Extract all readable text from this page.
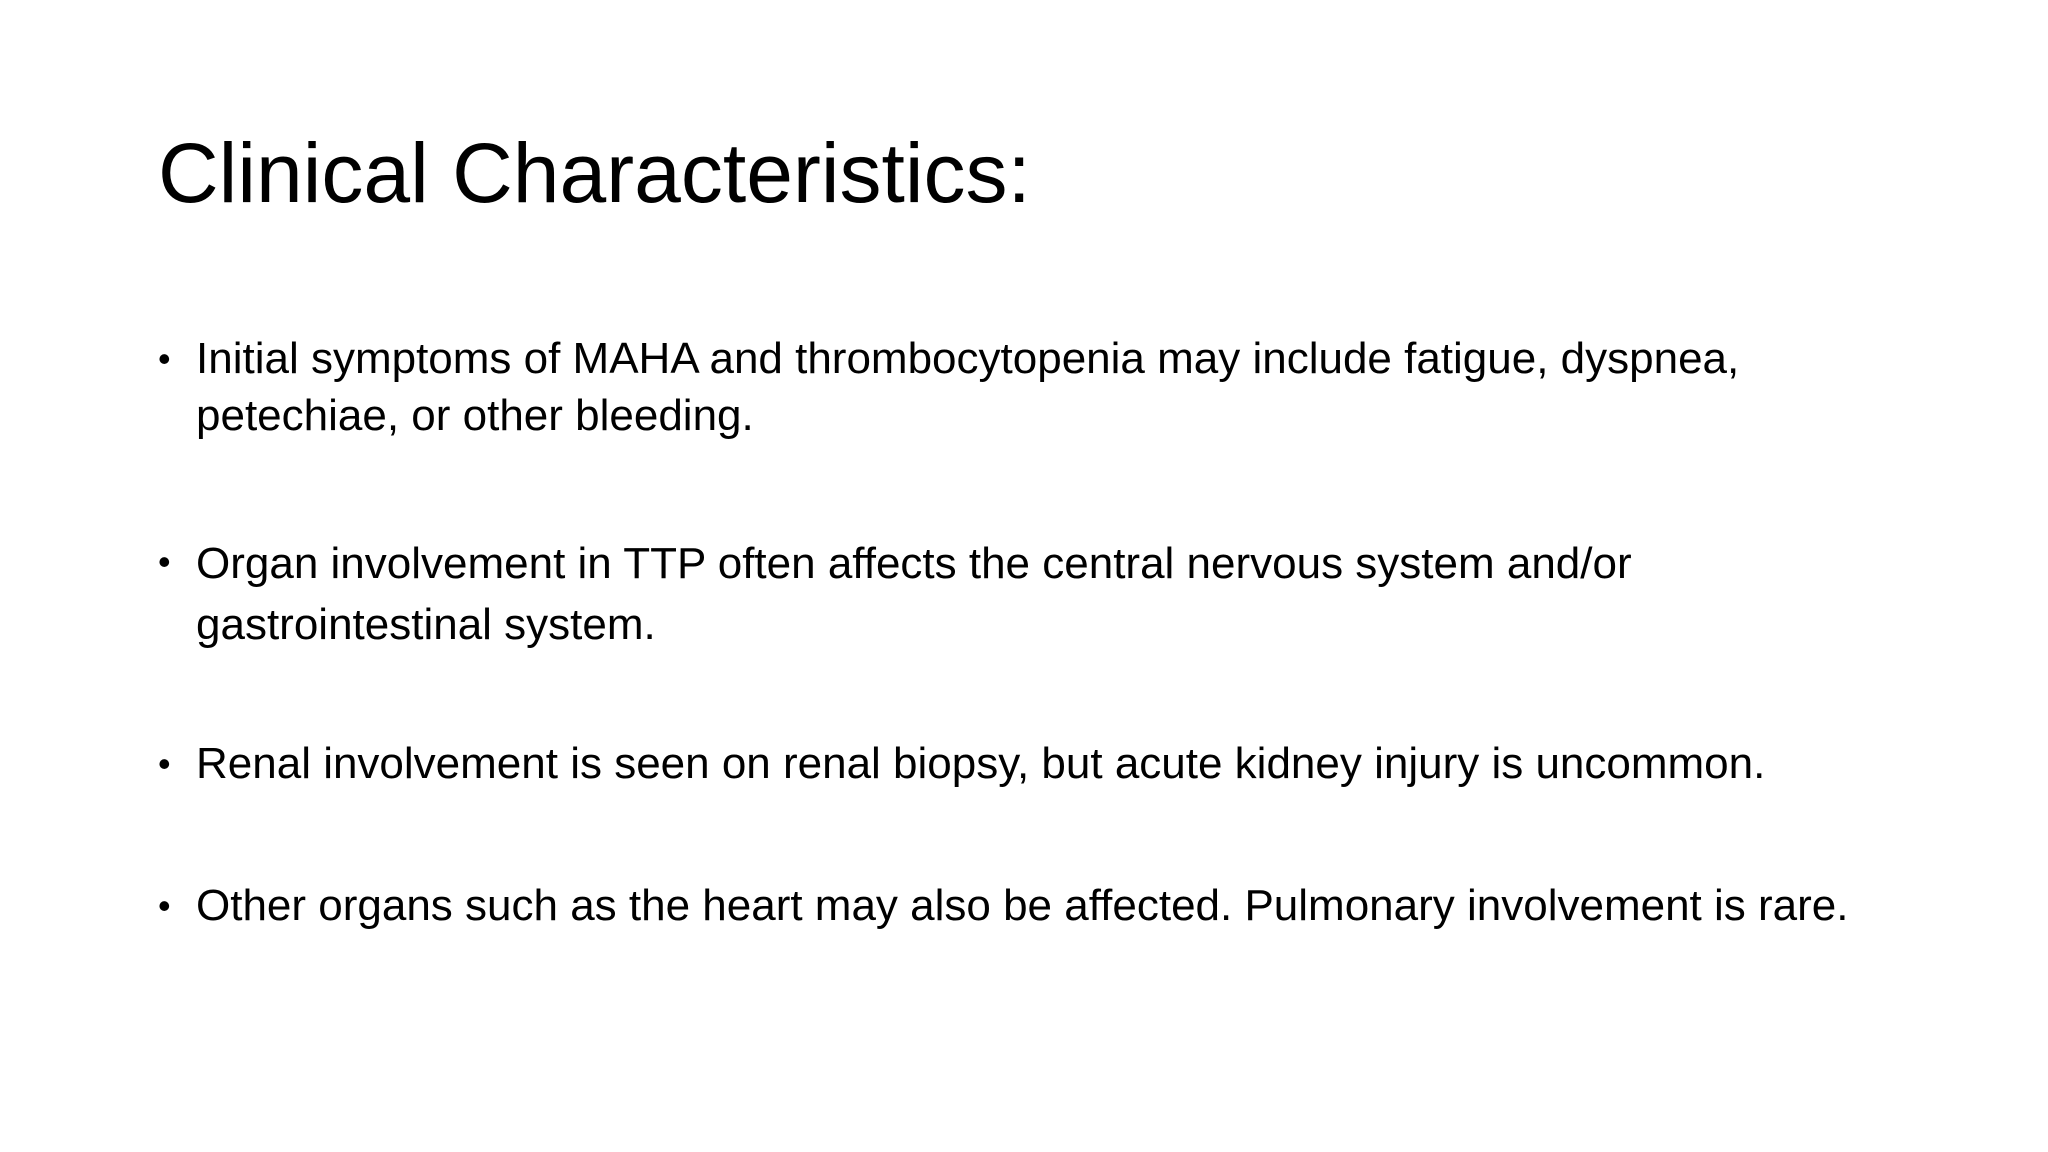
Clinical Characteristics:
• Initial symptoms of MAHA and thrombocytopenia may include fatigue, dyspnea, petechiae, or other bleeding.
• Organ involvement in TTP often affects the central nervous system and/or gastrointestinal system.
• Renal involvement is seen on renal biopsy, but acute kidney injury is uncommon.
• Other organs such as the heart may also be affected. Pulmonary involvement is rare.
